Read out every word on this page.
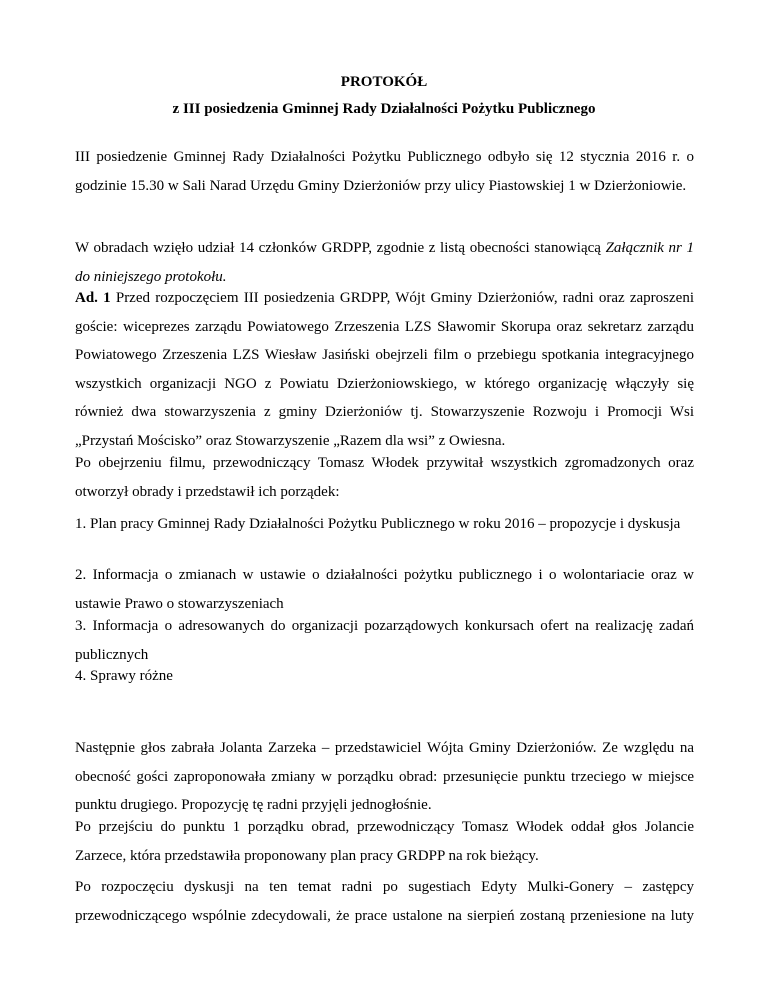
PROTOKÓŁ
z III posiedzenia Gminnej Rady Działalności Pożytku Publicznego

III posiedzenie Gminnej Rady Działalności Pożytku Publicznego odbyło się 12 stycznia 2016 r. o godzinie 15.30 w Sali Narad Urzędu Gminy Dzierżoniów przy ulicy Piastowskiej 1 w Dzierżoniowie.

W obradach wzięło udział 14 członków GRDPP, zgodnie z listą obecności stanowiącą Załącznik nr 1 do niniejszego protokołu.

Ad. 1 Przed rozpoczęciem III posiedzenia GRDPP, Wójt Gminy Dzierżoniów, radni oraz zaproszeni goście: wiceprezes zarządu Powiatowego Zrzeszenia LZS Sławomir Skorupa oraz sekretarz zarządu Powiatowego Zrzeszenia LZS Wiesław Jasiński obejrzeli film o przebiegu spotkania integracyjnego wszystkich organizacji NGO z Powiatu Dzierżoniowskiego, w którego organizację włączyły się również dwa stowarzyszenia z gminy Dzierżoniów tj. Stowarzyszenie Rozwoju i Promocji Wsi „Przystań Mościsko” oraz Stowarzyszenie „Razem dla wsi” z Owiesna.

Po obejrzeniu filmu, przewodniczący Tomasz Włodek przywitał wszystkich zgromadzonych oraz otworzył obrady i przedstawił ich porządek:

1. Plan pracy Gminnej Rady Działalności Pożytku Publicznego w roku 2016 – propozycje i dyskusja

2. Informacja o zmianach w ustawie o działalności pożytku publicznego i o wolontariacie oraz w ustawie Prawo o stowarzyszeniach

3. Informacja o adresowanych do organizacji pozarządowych konkursach ofert na realizację zadań publicznych

4. Sprawy różne

Następnie głos zabrała Jolanta Zarzeka – przedstawiciel Wójta Gminy Dzierżoniów. Ze względu na obecność gości zaproponowała zmiany w porządku obrad: przesunięcie punktu trzeciego w miejsce punktu drugiego. Propozycję tę radni przyjęli jednogłośnie.

Po przejściu do punktu 1 porządku obrad, przewodniczący Tomasz Włodek oddał głos Jolancie Zarzece, która przedstawiła proponowany plan pracy GRDPP na rok bieżący.

Po rozpoczęciu dyskusji na ten temat radni po sugestiach Edyty Mulki-Gonery – zastępcy przewodniczącego wspólnie zdecydowali, że prace ustalone na sierpień zostaną przeniesione na luty
